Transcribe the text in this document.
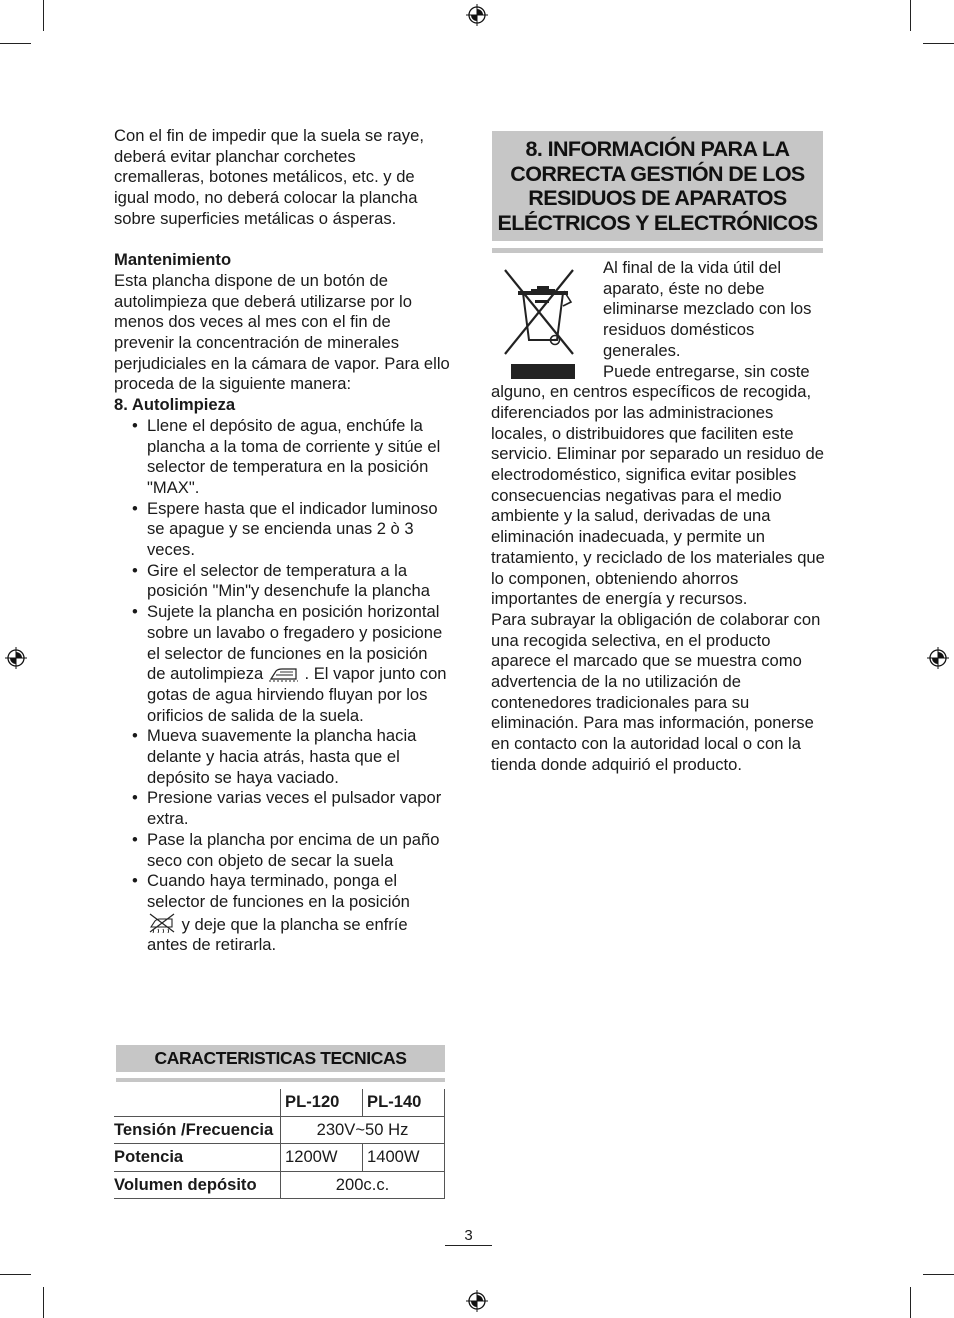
Con el fin de impedir que la suela se raye, deberá evitar planchar corchetes cremalleras, botones metálicos, etc. y de igual modo, no deberá colocar la plancha sobre superficies metálicas o ásperas.

Mantenimiento

Esta plancha dispone de un botón de autolimpieza que deberá utilizarse por lo menos dos veces al mes con el fin de prevenir la concentración de minerales perjudiciales en la cámara de vapor. Para ello proceda de la siguiente manera:

8. Autolimpieza

• Llene el depósito de agua, enchúfe la plancha a la toma de corriente y sitúe el selector de temperatura en la posición "MAX".
• Espere hasta que el indicador luminoso se apague y se encienda unas 2 ò 3 veces.
• Gire el selector de temperatura a la posición "Min"y desenchufe la plancha
• Sujete la plancha en posición horizontal sobre un lavabo o fregadero y posicione el selector de funciones en la posición de autolimpieza . El vapor junto con gotas de agua hirviendo fluyan por los orificios de salida de la suela.
• Mueva suavemente la plancha hacia delante y hacia atrás, hasta que el depósito se haya vaciado.
• Presione varias veces el pulsador vapor extra.
• Pase la plancha por encima de un paño seco con objeto de secar la suela
• Cuando haya terminado, ponga el selector de funciones en la posición
y deje que la plancha se enfríe antes de retirarla.
CARACTERISTICAS TECNICAS
	PL-120	PL-140
Tensión /Frecuencia	230V~50 Hz	
Potencia	1200W	1400W
Volumen depósito	200c.c.	
8. INFORMACIÓN PARA LA CORRECTA GESTIÓN DE LOS RESIDUOS DE APARATOS ELÉCTRICOS Y ELECTRÓNICOS

Al final de la vida útil del aparato, éste no debe eliminarse mezclado con los residuos domésticos generales.

Puede entregarse, sin coste alguno, en centros específicos de recogida, diferenciados por las administraciones locales, o distribuidores que faciliten este servicio. Eliminar por separado un residuo de electrodoméstico, significa evitar posibles consecuencias negativas para el medio ambiente y la salud, derivadas de una eliminación inadecuada, y permite un tratamiento, y reciclado de los materiales que lo componen, obteniendo ahorros importantes de energía y recursos.

Para subrayar la obligación de colaborar con una recogida selectiva, en el producto aparece el marcado que se muestra como advertencia de la no utilización de contenedores tradicionales para su eliminación. Para mas información, ponerse en contacto con la autoridad local o con la tienda donde adquirió el producto.

3
